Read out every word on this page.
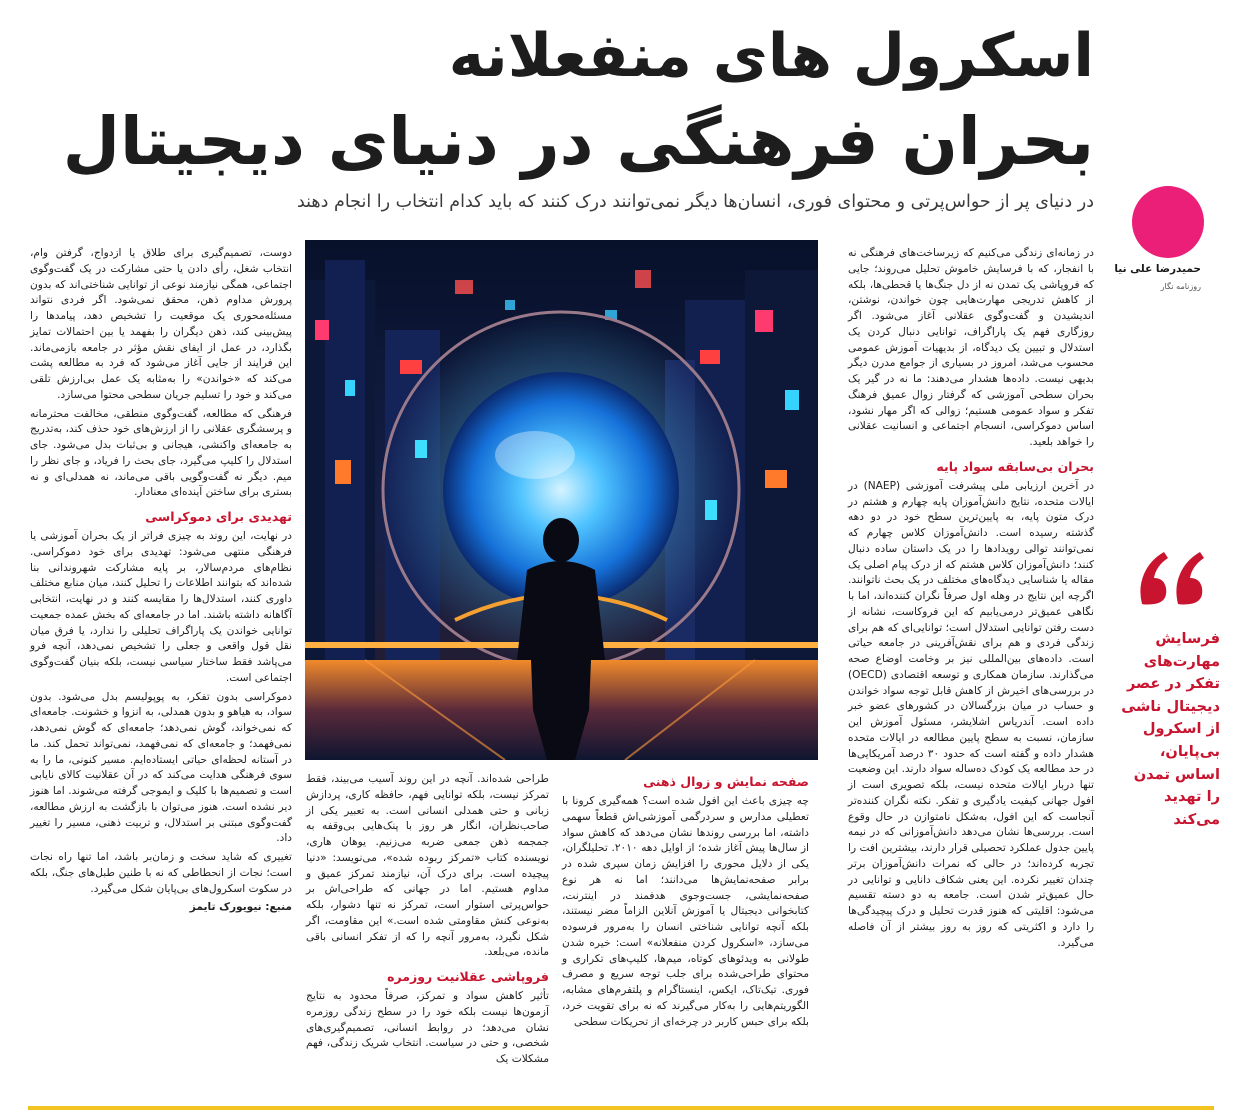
اسکرول های منفعلانه
بحران فرهنگی در دنیای دیجیتال
در دنیای پر از حواس‌پرتی و محتوای فوری، انسان‌ها دیگر نمی‌توانند درک کنند که باید کدام انتخاب را انجام دهند
حمیدرضا علی نیا
روزنامه نگار
فرسایش مهارت‌های تفکر در عصر دیجیتال ناشی از اسکرول بی‌پایان، اساس تمدن را تهدید می‌کند

در زمانه‌ای زندگی می‌کنیم که زیرساخت‌های فرهنگی نه با انفجار، که با فرسایش خاموش تحلیل می‌روند؛ جایی که فروپاشی یک تمدن نه از دل جنگ‌ها یا قحطی‌ها، بلکه از کاهش تدریجی مهارت‌هایی چون خواندن، نوشتن، اندیشیدن و گفت‌وگوی عقلانی آغاز می‌شود. اگر روزگاری فهم یک پاراگراف، توانایی دنبال کردن یک استدلال و تبیین یک دیدگاه، از بدیهیات آموزش عمومی محسوب می‌شد، امروز در بسیاری از جوامع مدرن دیگر بدیهی نیست. داده‌ها هشدار می‌دهند: ما نه در گیر یک بحران سطحی آموزشی که گرفتار زوال عمیق فرهنگ تفکر و سواد عمومی هستیم؛ زوالی که اگر مهار نشود، اساس دموکراسی، انسجام اجتماعی و انسانیت عقلانی را خواهد بلعید.

بحران بی‌سابقه سواد پایه

در آخرین ارزیابی ملی پیشرفت آموزشی (NAEP) در ایالات متحده، نتایج دانش‌آموزان پایه چهارم و هشتم در درک متون پایه، به پایین‌ترین سطح خود در دو دهه گذشته رسیده است. دانش‌آموزان کلاس چهارم که نمی‌توانند توالی رویدادها را در یک داستان ساده دنبال کنند؛ دانش‌آموزان کلاس هشتم که از درک پیام اصلی یک مقاله یا شناسایی دیدگاه‌های مختلف در یک بحث ناتوانند. اگرچه این نتایج در وهله اول صرفاً نگران کننده‌اند، اما با نگاهی عمیق‌تر درمی‌یابیم که این فروکاست، نشانه از دست رفتن توانایی استدلال است؛ توانایی‌ای که هم برای زندگی فردی و هم برای نقش‌آفرینی در جامعه حیاتی است. داده‌های بین‌المللی نیز بر وخامت اوضاع صحه می‌گذارند. سازمان همکاری و توسعه اقتصادی (OECD) در بررسی‌های اخیرش از کاهش قابل توجه سواد خواندن و حساب در میان بزرگسالان در کشورهای عضو خبر داده است. آندریاس اشلایشر، مسئول آموزش این سازمان، نسبت به سطح پایین مطالعه در ایالات متحده هشدار داده و گفته است که حدود ۳۰ درصد آمریکایی‌ها در حد مطالعه یک کودک ده‌ساله سواد دارند. این وضعیت تنها دربار ایالات متحده نیست، بلکه تصویری است از افول جهانی کیفیت یادگیری و تفکر. نکته نگران کننده‌تر آنجاست که این افول، به‌شکل نامتوازن در حال وقوع است. بررسی‌ها نشان می‌دهد دانش‌آموزانی که در نیمه پایین جدول عملکرد تحصیلی قرار دارند، بیشترین افت را تجربه کرده‌اند؛ در حالی که نمرات دانش‌آموزان برتر چندان تغییر نکرده. این یعنی شکاف دانایی و توانایی در حال عمیق‌تر شدن است. جامعه به دو دسته تقسیم می‌شود: اقلیتی که هنوز قدرت تحلیل و درک پیچیدگی‌ها را دارد و اکثریتی که روز به روز بیشتر از آن فاصله می‌گیرد.

صفحه نمایش و زوال ذهنی

چه چیزی باعث این افول شده است؟ همه‌گیری کرونا با تعطیلی مدارس و سردرگمی آموزشی‌اش قطعاً سهمی داشته، اما بررسی روندها نشان می‌دهد که کاهش سواد از سال‌ها پیش آغاز شده؛ از اوایل دهه ۲۰۱۰. تحلیلگران، یکی از دلایل محوری را افزایش زمان سپری شده در برابر صفحه‌نمایش‌ها می‌دانند؛ اما نه هر نوع صفحه‌نمایشی، جست‌وجوی هدفمند در اینترنت، کتابخوانی دیجیتال یا آموزش آنلاین الزاماً مضر نیستند، بلکه آنچه توانایی شناختی انسان را به‌مرور فرسوده می‌سازد، «اسکرول کردن منفعلانه» است: خیره شدن طولانی به ویدئوهای کوتاه، میم‌ها، کلیپ‌های تکراری و محتوای طراحی‌شده برای جلب توجه سریع و مصرف فوری. تیک‌تاک، ایکس، اینستاگرام و پلتفرم‌های مشابه، الگوریتم‌هایی را به‌کار می‌گیرند که نه برای تقویت خرد، بلکه برای حبس کاربر در چرخه‌ای از تحریکات سطحی

طراحی شده‌اند. آنچه در این روند آسیب می‌بیند، فقط تمرکز نیست، بلکه توانایی فهم، حافظه کاری، پردازش زبانی و حتی همدلی انسانی است. به تعبیر یکی از صاحب‌نظران، انگار هر روز با پنک‌هایی بی‌وقفه به جمجمه ذهن جمعی ضربه می‌زنیم. یوهان هاری، نویسنده کتاب «تمرکز ربوده شده»، می‌نویسد: «دنیا پیچیده است. برای درک آن، نیازمند تمرکز عمیق و مداوم هستیم. اما در جهانی که طراحی‌اش بر حواس‌پرتی استوار است، تمرکز نه تنها دشوار، بلکه به‌نوعی کنش مقاومتی شده است.» این مقاومت، اگر شکل نگیرد، به‌مرور آنچه را که از تفکر انسانی باقی مانده، می‌بلعد.

فروپاشی عقلانیت روزمره

تأثیر کاهش سواد و تمرکز، صرفاً محدود به نتایج آزمون‌ها نیست بلکه خود را در سطح زندگی روزمره نشان می‌دهد؛ در روابط انسانی، تصمیم‌گیری‌های شخصی، و حتی در سیاست. انتخاب شریک زندگی، فهم مشکلات یک

دوست، تصمیم‌گیری برای طلاق یا ازدواج، گرفتن وام، انتخاب شغل، رأی دادن یا حتی مشارکت در یک گفت‌وگوی اجتماعی، همگی نیازمند نوعی از توانایی شناختی‌اند که بدون پرورش مداوم ذهن، محقق نمی‌شود. اگر فردی نتواند مسئله‌محوری یک موقعیت را تشخیص دهد، پیامدها را پیش‌بینی کند، ذهن دیگران را بفهمد یا بین احتمالات تمایز بگذارد، در عمل از ایفای نقش مؤثر در جامعه بازمی‌ماند. این فرایند از جایی آغاز می‌شود که فرد به مطالعه پشت می‌کند که «خواندن» را به‌مثابه یک عمل بی‌ارزش تلقی می‌کند و خود را تسلیم جریان سطحی محتوا می‌سازد.

فرهنگی که مطالعه، گفت‌وگوی منطقی، مخالفت محترمانه و پرسشگری عقلانی را از ارزش‌های خود حذف کند، به‌تدریج به جامعه‌ای واکنشی، هیجانی و بی‌ثبات بدل می‌شود. جای استدلال را کلیپ می‌گیرد، جای بحث را فریاد، و جای نظر را میم. دیگر نه گفت‌وگویی باقی می‌ماند، نه همدلی‌ای و نه بستری برای ساختن آینده‌ای معنادار.

تهدیدی برای دموکراسی

در نهایت، این روند به چیزی فراتر از یک بحران آموزشی یا فرهنگی منتهی می‌شود: تهدیدی برای خود دموکراسی. نظام‌های مردم‌سالار، بر پایه مشارکت شهروندانی بنا شده‌اند که بتوانند اطلاعات را تحلیل کنند، میان منابع مختلف داوری کنند، استدلال‌ها را مقایسه کنند و در نهایت، انتخابی آگاهانه داشته باشند. اما در جامعه‌ای که بخش عمده جمعیت توانایی خواندن یک پاراگراف تحلیلی را ندارد، یا فرق میان نقل قول واقعی و جعلی را تشخیص نمی‌دهد، آنچه فرو می‌پاشد فقط ساختار سیاسی نیست، بلکه بنیان گفت‌وگوی اجتماعی است.

دموکراسی بدون تفکر، به پوپولیسم بدل می‌شود. بدون سواد، به هیاهو و بدون همدلی، به انزوا و خشونت. جامعه‌ای که نمی‌خواند، گوش نمی‌دهد؛ جامعه‌ای که گوش نمی‌دهد، نمی‌فهمد؛ و جامعه‌ای که نمی‌فهمد، نمی‌تواند تحمل کند. ما در آستانه لحظه‌ای حیاتی ایستاده‌ایم. مسیر کنونی، ما را به سوی فرهنگی هدایت می‌کند که در آن عقلانیت کالای نایابی است و تصمیم‌ها با کلیک و ایموجی گرفته می‌شوند. اما هنوز دیر نشده است. هنوز می‌توان با بازگشت به ارزش مطالعه، گفت‌وگوی مبتنی بر استدلال، و تربیت ذهنی، مسیر را تغییر داد.

تغییری که شاید سخت و زمان‌بر باشد، اما تنها راه نجات است؛ نجات از انحطاطی که نه با طنین طبل‌های جنگ، بلکه در سکوت اسکرول‌های بی‌پایان شکل می‌گیرد.

منبع: نیویورک تایمز
